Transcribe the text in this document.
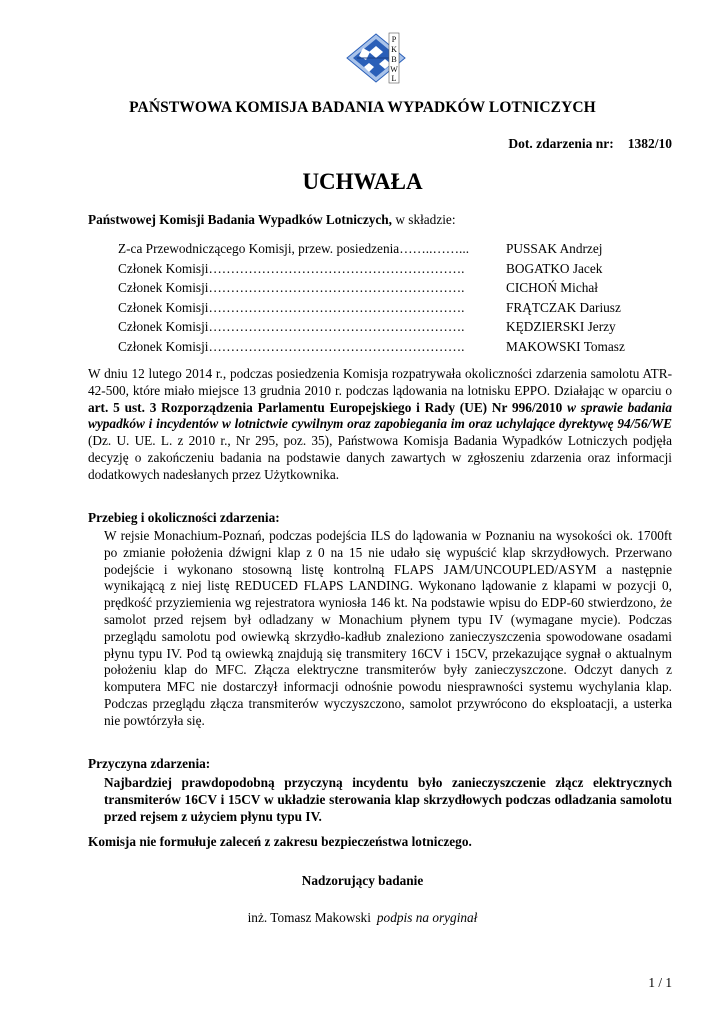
P
K
B
W
L
PAŃSTWOWA KOMISJA BADANIA WYPADKÓW LOTNICZYCH
Dot. zdarzenia nr: 1382/10
UCHWAŁA
Państwowej Komisji Badania Wypadków Lotniczych, w składzie:
Z-ca Przewodniczącego Komisji, przew. posiedzenia……..……...	PUSSAK Andrzej
Członek Komisji………………………………………………….	BOGATKO Jacek
Członek Komisji………………………………………………….	CICHOŃ Michał
Członek Komisji………………………………………………….	FRĄTCZAK Dariusz
Członek Komisji………………………………………………….	KĘDZIERSKI Jerzy
Członek Komisji………………………………………………….	MAKOWSKI Tomasz
W dniu 12 lutego 2014 r., podczas posiedzenia Komisja rozpatrywała okoliczności zdarzenia samolotu ATR-42-500, które miało miejsce 13 grudnia 2010 r. podczas lądowania na lotnisku EPPO. Działając w oparciu o art. 5 ust. 3 Rozporządzenia Parlamentu Europejskiego i Rady (UE) Nr 996/2010 w sprawie badania wypadków i incydentów w lotnictwie cywilnym oraz zapobiegania im oraz uchylające dyrektywę 94/56/WE (Dz. U. UE. L. z 2010 r., Nr 295, poz. 35), Państwowa Komisja Badania Wypadków Lotniczych podjęła decyzję o zakończeniu badania na podstawie danych zawartych w zgłoszeniu zdarzenia oraz informacji dodatkowych nadesłanych przez Użytkownika.
Przebieg i okoliczności zdarzenia:
W rejsie Monachium-Poznań, podczas podejścia ILS do lądowania w Poznaniu na wysokości ok. 1700ft po zmianie położenia dźwigni klap z 0 na 15 nie udało się wypuścić klap skrzydłowych. Przerwano podejście i wykonano stosowną listę kontrolną FLAPS JAM/UNCOUPLED/ASYM a następnie wynikającą z niej listę REDUCED FLAPS LANDING. Wykonano lądowanie z klapami w pozycji 0, prędkość przyziemienia wg rejestratora wyniosła 146 kt. Na podstawie wpisu do EDP-60 stwierdzono, że samolot przed rejsem był odladzany w Monachium płynem typu IV (wymagane mycie). Podczas przeglądu samolotu pod owiewką skrzydło-kadłub znaleziono zanieczyszczenia spowodowane osadami płynu typu IV. Pod tą owiewką znajdują się transmitery 16CV i 15CV, przekazujące sygnał o aktualnym położeniu klap do MFC. Złącza elektryczne transmiterów były zanieczyszczone. Odczyt danych z komputera MFC nie dostarczył informacji odnośnie powodu niesprawności systemu wychylania klap. Podczas przeglądu złącza transmiterów wyczyszczono, samolot przywrócono do eksploatacji, a usterka nie powtórzyła się.
Przyczyna zdarzenia:
Najbardziej prawdopodobną przyczyną incydentu było zanieczyszczenie złącz elektrycznych transmiterów 16CV i 15CV w układzie sterowania klap skrzydłowych podczas odladzania samolotu przed rejsem z użyciem płynu typu IV.
Komisja nie formułuje zaleceń z zakresu bezpieczeństwa lotniczego.
Nadzorujący badanie
inż. Tomasz Makowski podpis na oryginał
1 / 1
